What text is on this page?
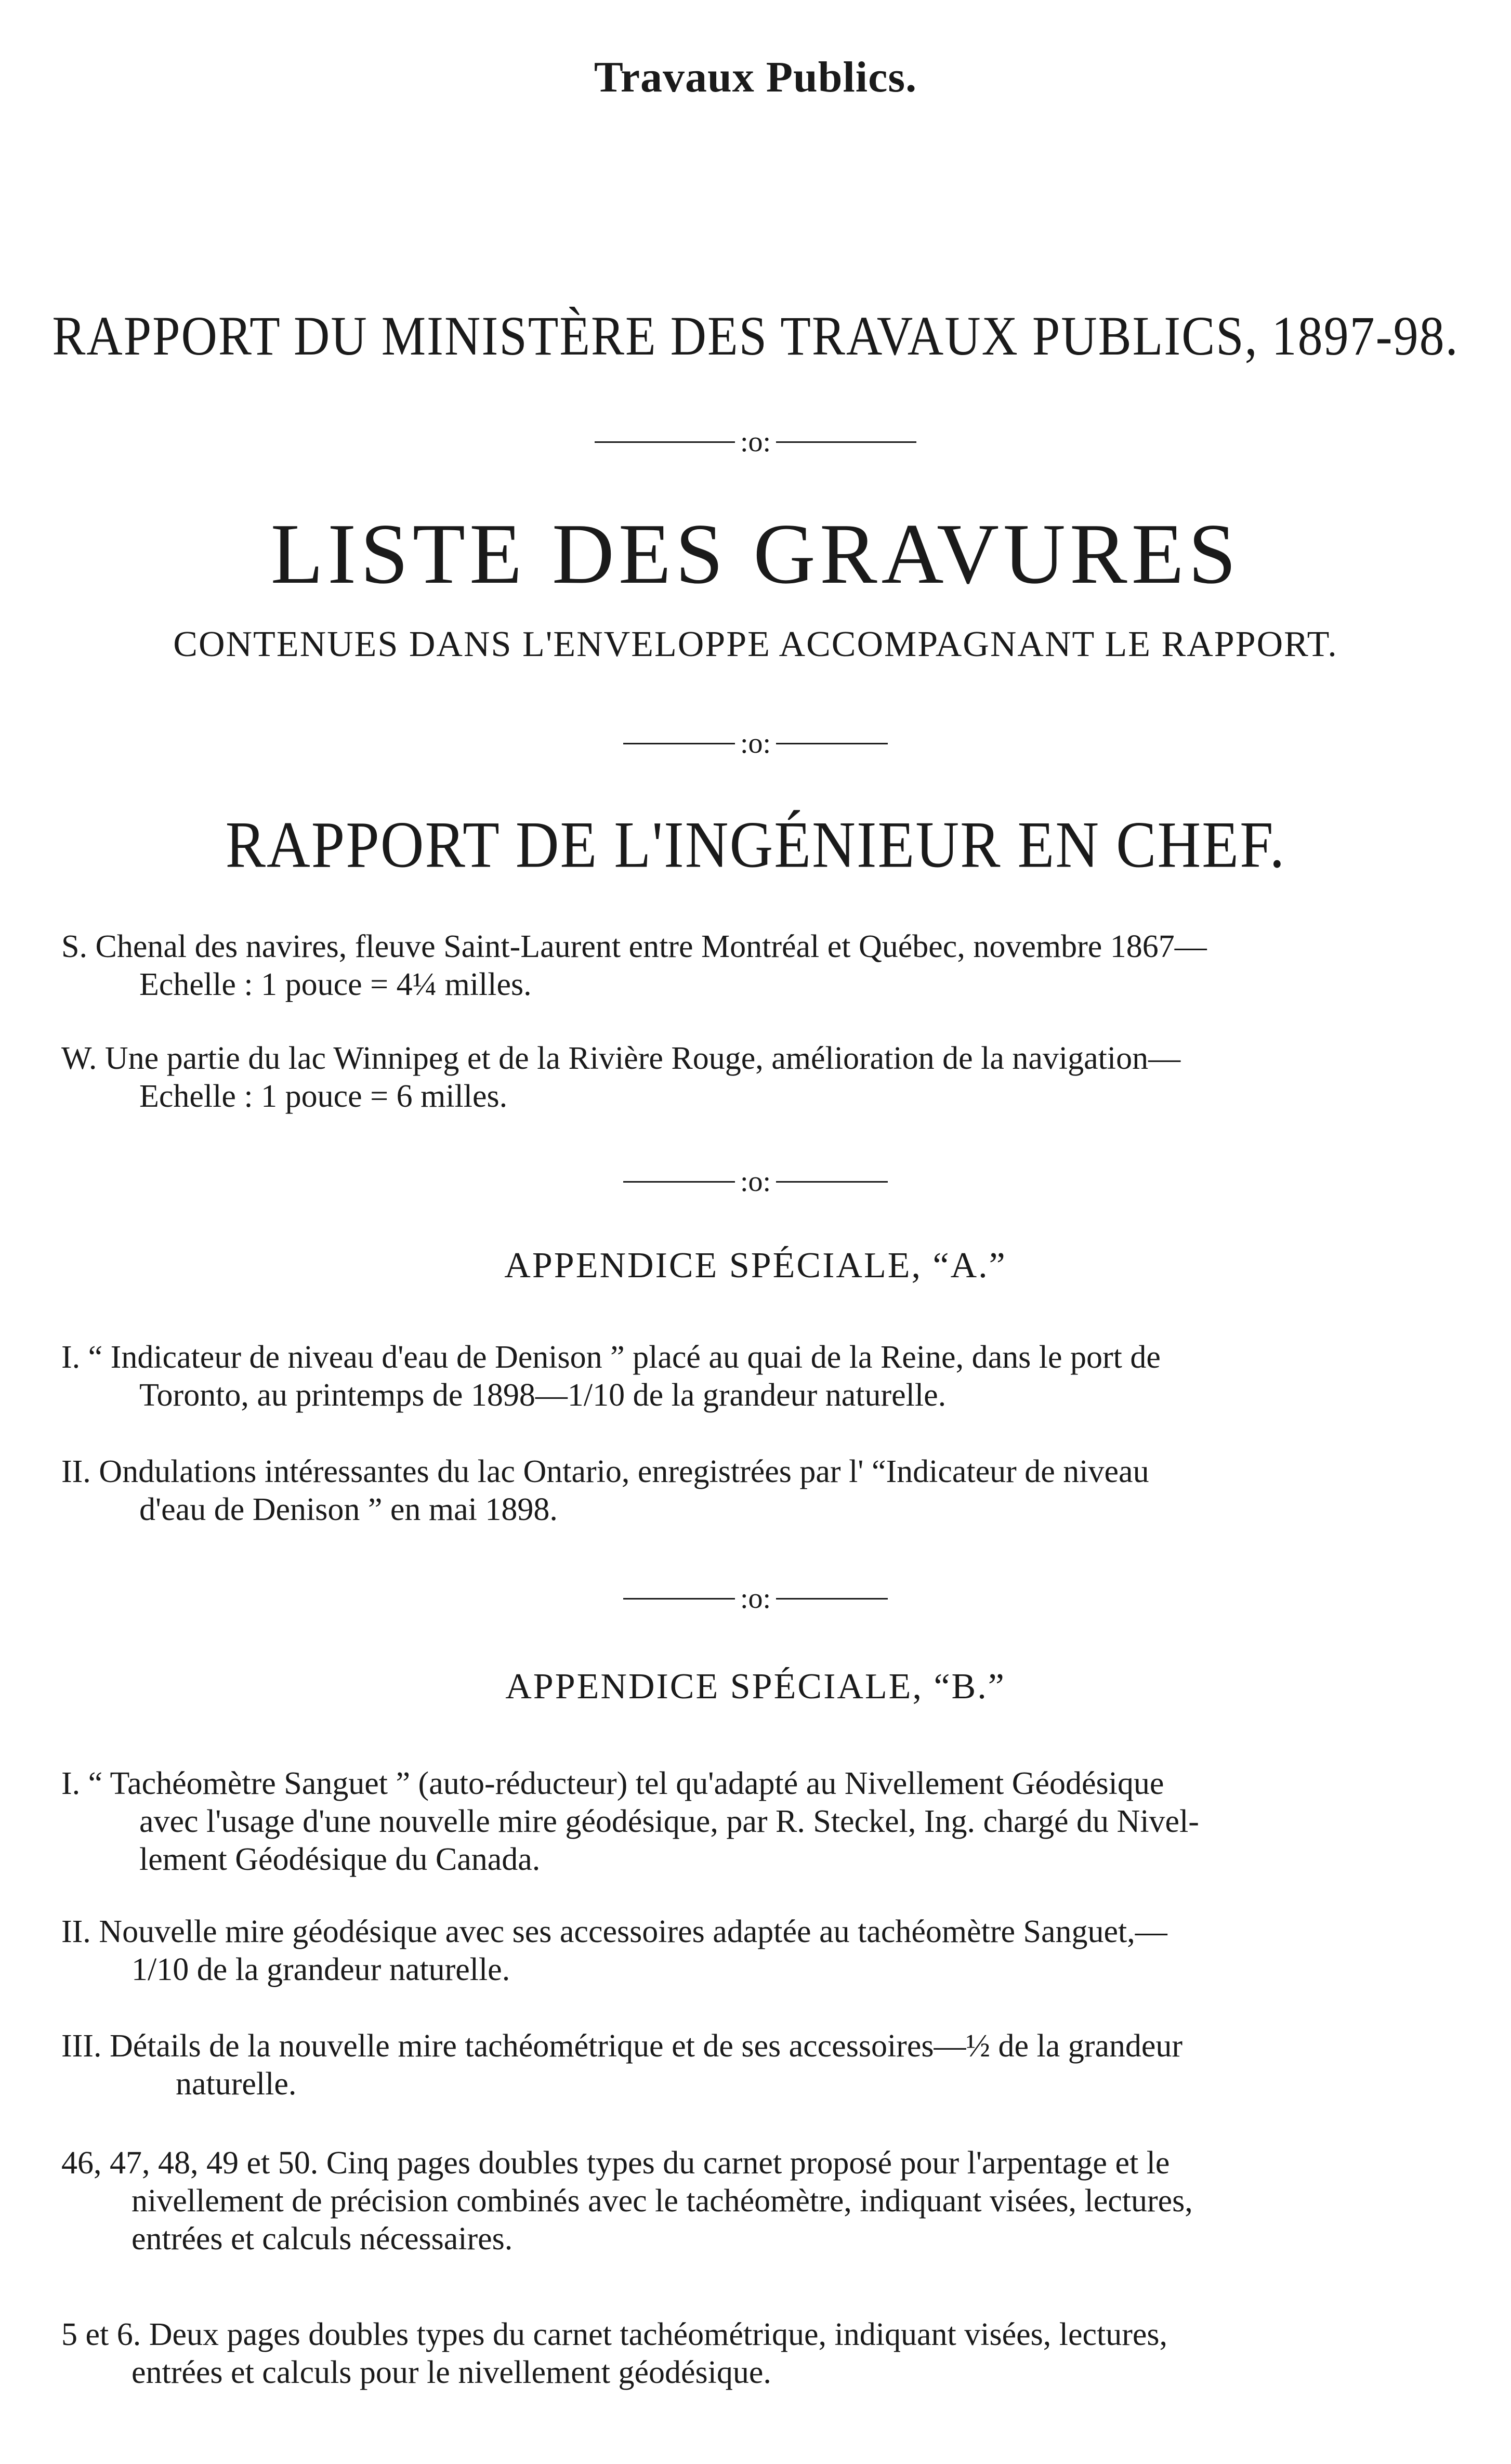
Travaux Publics.
RAPPORT DU MINISTÈRE DES TRAVAUX PUBLICS, 1897-98.
:o:
LISTE DES GRAVURES
CONTENUES DANS L'ENVELOPPE ACCOMPAGNANT LE RAPPORT.
:o:
RAPPORT DE L'INGÉNIEUR EN CHEF.
S. Chenal des navires, fleuve Saint-Laurent entre Montréal et Québec, novembre 1867—
Echelle : 1 pouce = 4¼ milles.
W. Une partie du lac Winnipeg et de la Rivière Rouge, amélioration de la navigation—
Echelle : 1 pouce = 6 milles.
:o:
APPENDICE SPÉCIALE, “A.”
I. “ Indicateur de niveau d'eau de Denison ” placé au quai de la Reine, dans le port de
Toronto, au printemps de 1898—1/10 de la grandeur naturelle.
II. Ondulations intéressantes du lac Ontario, enregistrées par l' “Indicateur de niveau
d'eau de Denison ” en mai 1898.
:o:
APPENDICE SPÉCIALE, “B.”
I. “ Tachéomètre Sanguet ” (auto-réducteur) tel qu'adapté au Nivellement Géodésique
avec l'usage d'une nouvelle mire géodésique, par R. Steckel, Ing. chargé du Nivel-
lement Géodésique du Canada.
II. Nouvelle mire géodésique avec ses accessoires adaptée au tachéomètre Sanguet,—
1/10 de la grandeur naturelle.
III. Détails de la nouvelle mire tachéométrique et de ses accessoires—½ de la grandeur
naturelle.
46, 47, 48, 49 et 50. Cinq pages doubles types du carnet proposé pour l'arpentage et le
nivellement de précision combinés avec le tachéomètre, indiquant visées, lectures,
entrées et calculs nécessaires.
5 et 6. Deux pages doubles types du carnet tachéométrique, indiquant visées, lectures,
entrées et calculs pour le nivellement géodésique.
